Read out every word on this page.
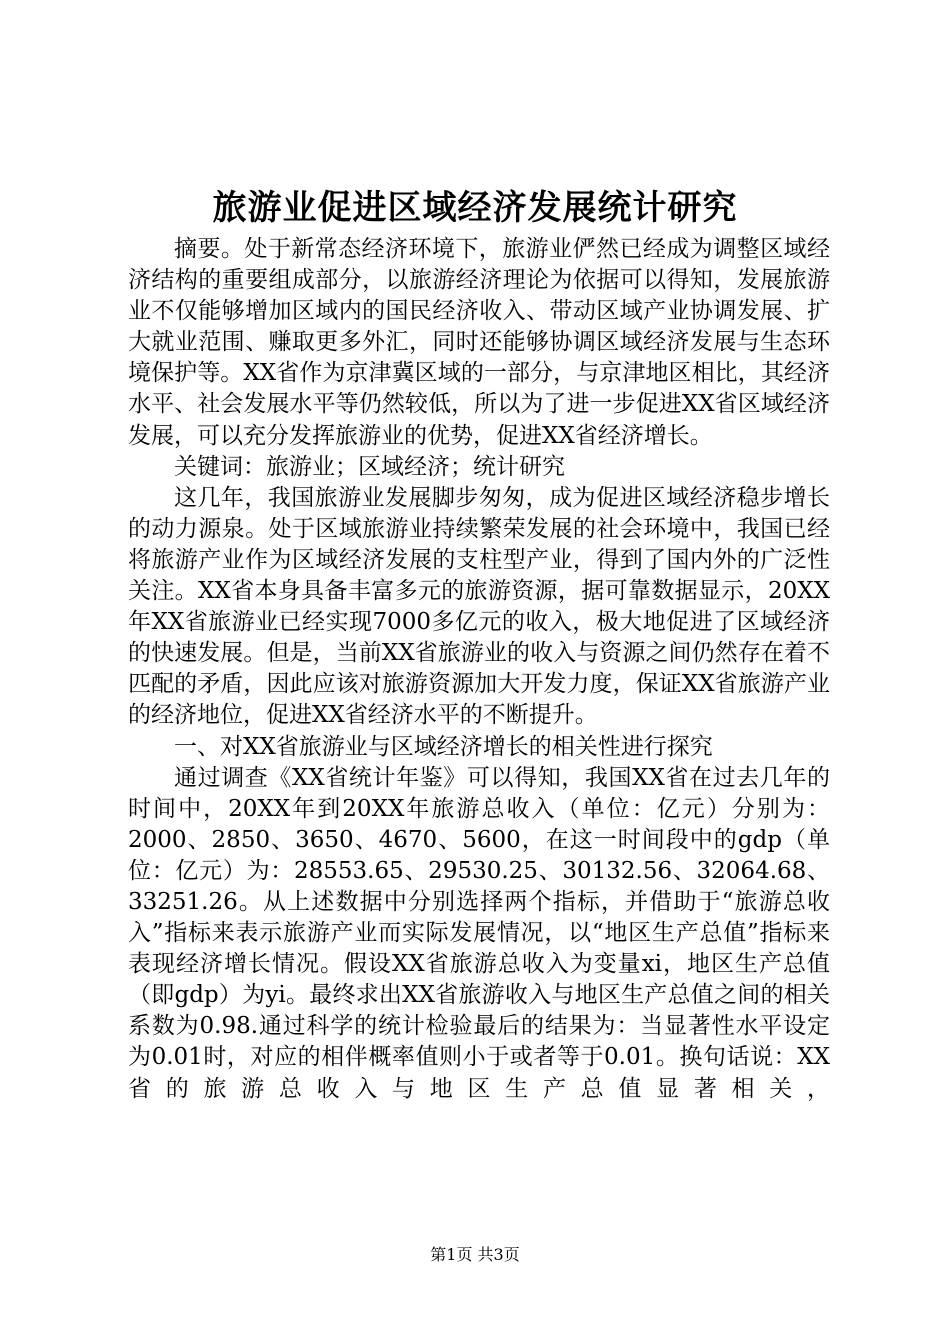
旅游业促进区域经济发展统计研究

摘要。处于新常态经济环境下，旅游业俨然已经成为调整区域经济结构的重要组成部分，以旅游经济理论为依据可以得知，发展旅游业不仅能够增加区域内的国民经济收入、带动区域产业协调发展、扩大就业范围、赚取更多外汇，同时还能够协调区域经济发展与生态环境保护等。XX省作为京津冀区域的一部分，与京津地区相比，其经济水平、社会发展水平等仍然较低，所以为了进一步促进XX省区域经济发展，可以充分发挥旅游业的优势，促进XX省经济增长。

关键词：旅游业；区域经济；统计研究

这几年，我国旅游业发展脚步匆匆，成为促进区域经济稳步增长的动力源泉。处于区域旅游业持续繁荣发展的社会环境中，我国已经将旅游产业作为区域经济发展的支柱型产业，得到了国内外的广泛性关注。XX省本身具备丰富多元的旅游资源，据可靠数据显示，20XX年XX省旅游业已经实现7000多亿元的收入，极大地促进了区域经济的快速发展。但是，当前XX省旅游业的收入与资源之间仍然存在着不匹配的矛盾，因此应该对旅游资源加大开发力度，保证XX省旅游产业的经济地位，促进XX省经济水平的不断提升。

一、对XX省旅游业与区域经济增长的相关性进行探究

通过调查《XX省统计年鉴》可以得知，我国XX省在过去几年的时间中，20XX年到20XX年旅游总收入（单位：亿元）分别为：2000、2850、3650、4670、5600，在这一时间段中的gdp（单位：亿元）为：28553.65、29530.25、30132.56、32064.68、33251.26。从上述数据中分别选择两个指标，并借助于“旅游总收入”指标来表示旅游产业而实际发展情况，以“地区生产总值”指标来表现经济增长情况。假设XX省旅游总收入为变量xi，地区生产总值（即gdp）为yi。最终求出XX省旅游收入与地区生产总值之间的相关系数为0.98.通过科学的统计检验最后的结果为：当显著性水平设定为0.01时，对应的相伴概率值则小于或者等于0.01。换句话说：XX省的旅游总收入与地区生产总值显著相关，

第1页 共3页
